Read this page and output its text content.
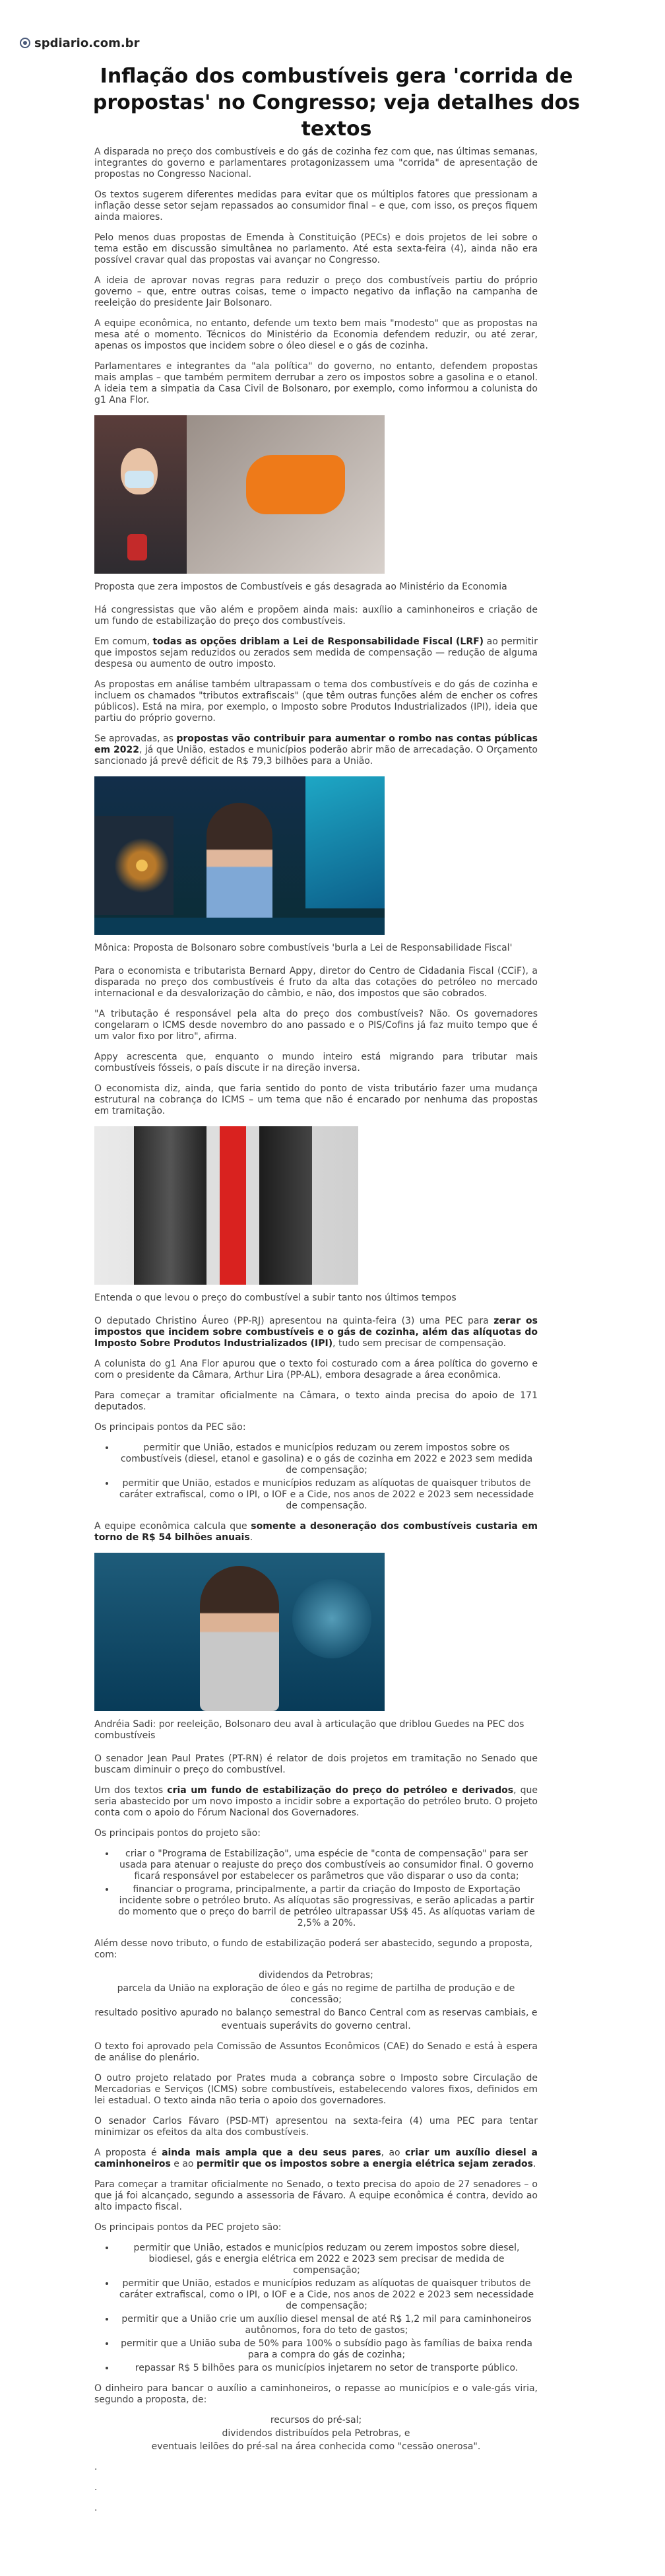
spdiario.com.br
Inflação dos combustíveis gera 'corrida de propostas' no Congresso; veja detalhes dos textos

A disparada no preço dos combustíveis e do gás de cozinha fez com que, nas últimas semanas, integrantes do governo e parlamentares protagonizassem uma "corrida" de apresentação de propostas no Congresso Nacional.

Os textos sugerem diferentes medidas para evitar que os múltiplos fatores que pressionam a inflação desse setor sejam repassados ao consumidor final – e que, com isso, os preços fiquem ainda maiores.

Pelo menos duas propostas de Emenda à Constituição (PECs) e dois projetos de lei sobre o tema estão em discussão simultânea no parlamento. Até esta sexta-feira (4), ainda não era possível cravar qual das propostas vai avançar no Congresso.

A ideia de aprovar novas regras para reduzir o preço dos combustíveis partiu do próprio governo – que, entre outras coisas, teme o impacto negativo da inflação na campanha de reeleição do presidente Jair Bolsonaro.

A equipe econômica, no entanto, defende um texto bem mais "modesto" que as propostas na mesa até o momento. Técnicos do Ministério da Economia defendem reduzir, ou até zerar, apenas os impostos que incidem sobre o óleo diesel e o gás de cozinha.

Parlamentares e integrantes da "ala política" do governo, no entanto, defendem propostas mais amplas – que também permitem derrubar a zero os impostos sobre a gasolina e o etanol. A ideia tem a simpatia da Casa Civil de Bolsonaro, por exemplo, como informou a colunista do g1 Ana Flor.

Proposta que zera impostos de Combustíveis e gás desagrada ao Ministério da Economia

Há congressistas que vão além e propõem ainda mais: auxílio a caminhoneiros e criação de um fundo de estabilização do preço dos combustíveis.

Em comum, todas as opções driblam a Lei de Responsabilidade Fiscal (LRF) ao permitir que impostos sejam reduzidos ou zerados sem medida de compensação — redução de alguma despesa ou aumento de outro imposto.

As propostas em análise também ultrapassam o tema dos combustíveis e do gás de cozinha e incluem os chamados "tributos extrafiscais" (que têm outras funções além de encher os cofres públicos). Está na mira, por exemplo, o Imposto sobre Produtos Industrializados (IPI), ideia que partiu do próprio governo.

Se aprovadas, as propostas vão contribuir para aumentar o rombo nas contas públicas em 2022, já que União, estados e municípios poderão abrir mão de arrecadação. O Orçamento sancionado já prevê déficit de R$ 79,3 bilhões para a União.

Mônica: Proposta de Bolsonaro sobre combustíveis 'burla a Lei de Responsabilidade Fiscal'

Para o economista e tributarista Bernard Appy, diretor do Centro de Cidadania Fiscal (CCiF), a disparada no preço dos combustíveis é fruto da alta das cotações do petróleo no mercado internacional e da desvalorização do câmbio, e não, dos impostos que são cobrados.

"A tributação é responsável pela alta do preço dos combustíveis? Não. Os governadores congelaram o ICMS desde novembro do ano passado e o PIS/Cofins já faz muito tempo que é um valor fixo por litro", afirma.

Appy acrescenta que, enquanto o mundo inteiro está migrando para tributar mais combustíveis fósseis, o país discute ir na direção inversa.

O economista diz, ainda, que faria sentido do ponto de vista tributário fazer uma mudança estrutural na cobrança do ICMS – um tema que não é encarado por nenhuma das propostas em tramitação.

Entenda o que levou o preço do combustível a subir tanto nos últimos tempos

O deputado Christino Áureo (PP-RJ) apresentou na quinta-feira (3) uma PEC para zerar os impostos que incidem sobre combustíveis e o gás de cozinha, além das alíquotas do Imposto Sobre Produtos Industrializados (IPI), tudo sem precisar de compensação.

A colunista do g1 Ana Flor apurou que o texto foi costurado com a área política do governo e com o presidente da Câmara, Arthur Lira (PP-AL), embora desagrade a área econômica.

Para começar a tramitar oficialmente na Câmara, o texto ainda precisa do apoio de 171 deputados.

Os principais pontos da PEC são:

• permitir que União, estados e municípios reduzam ou zerem impostos sobre os combustíveis (diesel, etanol e gasolina) e o gás de cozinha em 2022 e 2023 sem medida de compensação;
• permitir que União, estados e municípios reduzam as alíquotas de quaisquer tributos de caráter extrafiscal, como o IPI, o IOF e a Cide, nos anos de 2022 e 2023 sem necessidade de compensação.

A equipe econômica calcula que somente a desoneração dos combustíveis custaria em torno de R$ 54 bilhões anuais.

Andréia Sadi: por reeleição, Bolsonaro deu aval à articulação que driblou Guedes na PEC dos combustíveis

O senador Jean Paul Prates (PT-RN) é relator de dois projetos em tramitação no Senado que buscam diminuir o preço do combustível.

Um dos textos cria um fundo de estabilização do preço do petróleo e derivados, que seria abastecido por um novo imposto a incidir sobre a exportação do petróleo bruto. O projeto conta com o apoio do Fórum Nacional dos Governadores.

Os principais pontos do projeto são:

• criar o "Programa de Estabilização", uma espécie de "conta de compensação" para ser usada para atenuar o reajuste do preço dos combustíveis ao consumidor final. O governo ficará responsável por estabelecer os parâmetros que vão disparar o uso da conta;
• financiar o programa, principalmente, a partir da criação do Imposto de Exportação incidente sobre o petróleo bruto. As alíquotas são progressivas, e serão aplicadas a partir do momento que o preço do barril de petróleo ultrapassar US$ 45. As alíquotas variam de 2,5% a 20%.

Além desse novo tributo, o fundo de estabilização poderá ser abastecido, segundo a proposta, com:

dividendos da Petrobras;
parcela da União na exploração de óleo e gás no regime de partilha de produção e de concessão;
resultado positivo apurado no balanço semestral do Banco Central com as reservas cambiais, e
eventuais superávits do governo central.

O texto foi aprovado pela Comissão de Assuntos Econômicos (CAE) do Senado e está à espera de análise do plenário.

O outro projeto relatado por Prates muda a cobrança sobre o Imposto sobre Circulação de Mercadorias e Serviços (ICMS) sobre combustíveis, estabelecendo valores fixos, definidos em lei estadual. O texto ainda não teria o apoio dos governadores.

O senador Carlos Fávaro (PSD-MT) apresentou na sexta-feira (4) uma PEC para tentar minimizar os efeitos da alta dos combustíveis.

A proposta é ainda mais ampla que a deu seus pares, ao criar um auxílio diesel a caminhoneiros e ao permitir que os impostos sobre a energia elétrica sejam zerados.

Para começar a tramitar oficialmente no Senado, o texto precisa do apoio de 27 senadores – o que já foi alcançado, segundo a assessoria de Fávaro. A equipe econômica é contra, devido ao alto impacto fiscal.

Os principais pontos da PEC projeto são:

• permitir que União, estados e municípios reduzam ou zerem impostos sobre diesel, biodiesel, gás e energia elétrica em 2022 e 2023 sem precisar de medida de compensação;
• permitir que União, estados e municípios reduzam as alíquotas de quaisquer tributos de caráter extrafiscal, como o IPI, o IOF e a Cide, nos anos de 2022 e 2023 sem necessidade de compensação;
• permitir que a União crie um auxílio diesel mensal de até R$ 1,2 mil para caminhoneiros autônomos, fora do teto de gastos;
• permitir que a União suba de 50% para 100% o subsídio pago às famílias de baixa renda para a compra do gás de cozinha;
• repassar R$ 5 bilhões para os municípios injetarem no setor de transporte público.

O dinheiro para bancar o auxílio a caminhoneiros, o repasse ao municípios e o vale-gás viria, segundo a proposta, de:

recursos do pré-sal;
dividendos distribuídos pela Petrobras, e
eventuais leilões do pré-sal na área conhecida como "cessão onerosa".
.
.
.
